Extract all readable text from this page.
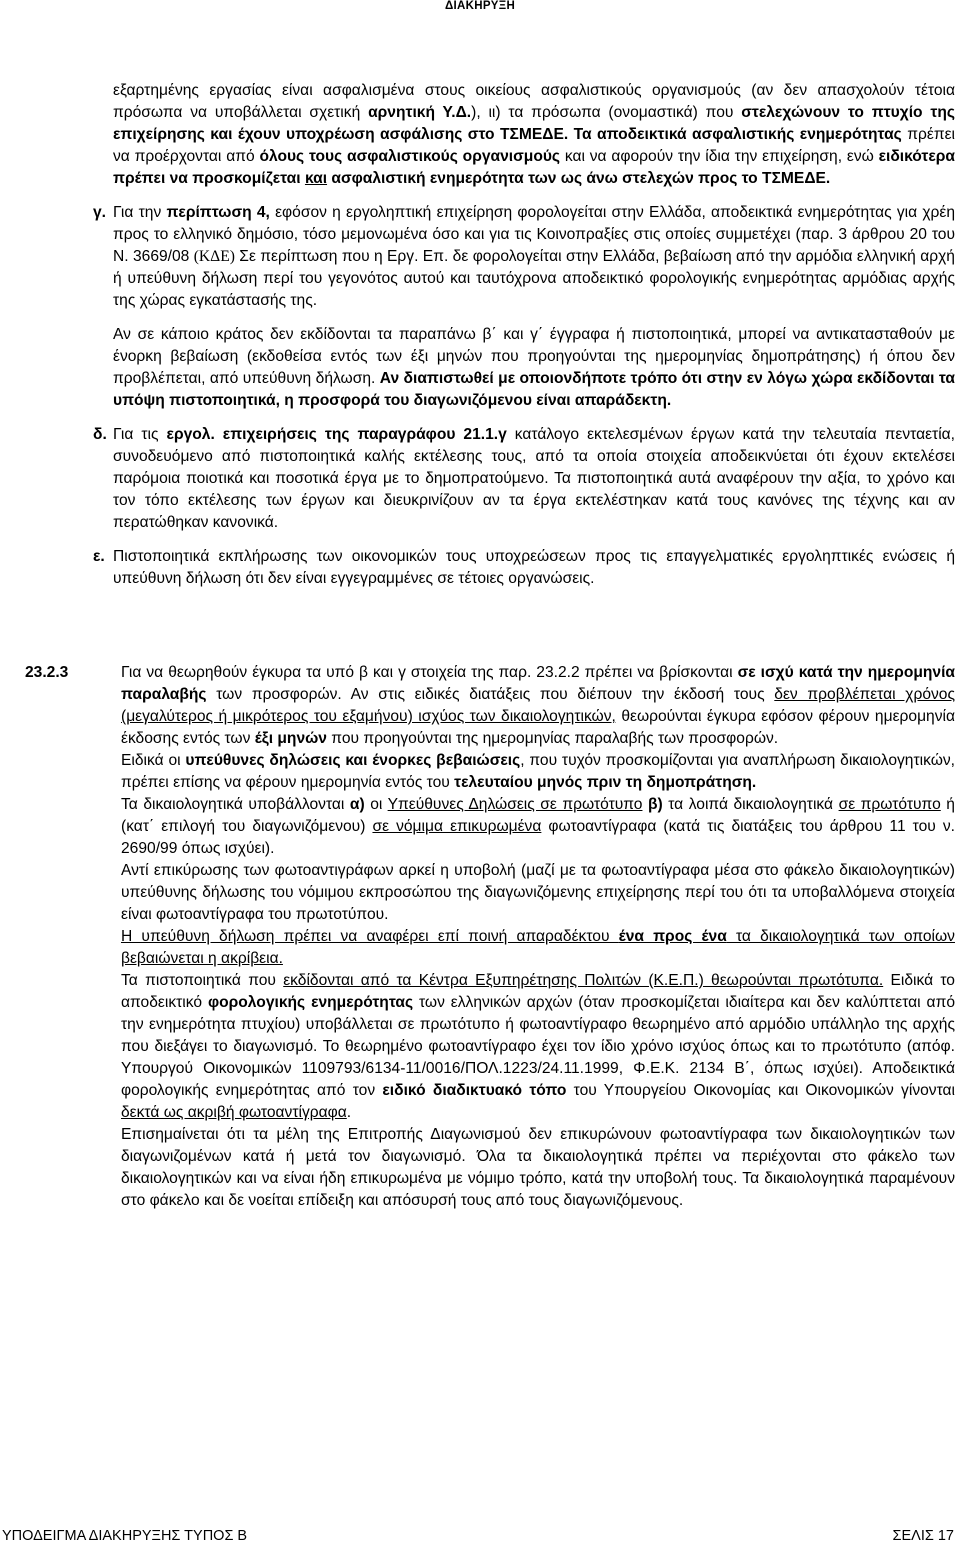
ΔΙΑΚΗΡΥΞΗ

εξαρτημένης εργασίας είναι ασφαλισμένα στους οικείους ασφαλιστικούς οργανισμούς (αν δεν απασχολούν τέτοια πρόσωπα να υποβάλλεται σχετική αρνητική Υ.Δ.), ιι) τα πρόσωπα (ονομαστικά) που στελεχώνουν το πτυχίο της επιχείρησης και έχουν υποχρέωση ασφάλισης στο ΤΣΜΕΔΕ. Τα αποδεικτικά ασφαλιστικής ενημερότητας πρέπει να προέρχονται από όλους τους ασφαλιστικούς οργανισμούς και να αφορούν την ίδια την επιχείρηση, ενώ ειδικότερα πρέπει να προσκομίζεται και ασφαλιστική ενημερότητα των ως άνω στελεχών προς το ΤΣΜΕΔΕ.

γ. Για την περίπτωση 4, εφόσον η εργοληπτική επιχείρηση φορολογείται στην Ελλάδα, αποδεικτικά ενημερότητας για χρέη προς το ελληνικό δημόσιο, τόσο μεμονωμένα όσο και για τις Κοινοπραξίες στις οποίες συμμετέχει (παρ. 3 άρθρου 20 του Ν. 3669/08 (ΚΔΕ) Σε περίπτωση που η Εργ. Επ. δε φορολογείται στην Ελλάδα, βεβαίωση από την αρμόδια ελληνική αρχή ή υπεύθυνη δήλωση περί του γεγονότος αυτού και ταυτόχρονα αποδεικτικό φορολογικής ενημερότητας αρμόδιας αρχής της χώρας εγκατάστασής της.
Αν σε κάποιο κράτος δεν εκδίδονται τα παραπάνω β΄ και γ΄ έγγραφα ή πιστοποιητικά, μπορεί να αντικατασταθούν με ένορκη βεβαίωση (εκδοθείσα εντός των έξι μηνών που προηγούνται της ημερομηνίας δημοπράτησης) ή όπου δεν προβλέπεται, από υπεύθυνη δήλωση. Αν διαπιστωθεί με οποιονδήποτε τρόπο ότι στην εν λόγω χώρα εκδίδονται τα υπόψη πιστοποιητικά, η προσφορά του διαγωνιζόμενου είναι απαράδεκτη.
δ. Για τις εργολ. επιχειρήσεις της παραγράφου 21.1.γ κατάλογο εκτελεσμένων έργων κατά την τελευταία πενταετία, συνοδευόμενο από πιστοποιητικά καλής εκτέλεσης τους, από τα οποία στοιχεία αποδεικνύεται ότι έχουν εκτελέσει παρόμοια ποιοτικά και ποσοτικά έργα με το δημοπρατούμενο. Τα πιστοποιητικά αυτά αναφέρουν την αξία, το χρόνο και τον τόπο εκτέλεσης των έργων και διευκρινίζουν αν τα έργα εκτελέστηκαν κατά τους κανόνες της τέχνης και αν περατώθηκαν κανονικά.
ε. Πιστοποιητικά εκπλήρωσης των οικονομικών τους υποχρεώσεων προς τις επαγγελματικές εργοληπτικές ενώσεις ή υπεύθυνη δήλωση ότι δεν είναι εγγεγραμμένες σε τέτοιες οργανώσεις.
23.2.3	Για να θεωρηθούν έγκυρα τα υπό β και γ στοιχεία της παρ. 23.2.2 πρέπει να βρίσκονται σε ισχύ κατά την ημερομηνία παραλαβής των προσφορών. Αν στις ειδικές διατάξεις που διέπουν την έκδοσή τους δεν προβλέπεται χρόνος (μεγαλύτερος ή μικρότερος του εξαμήνου) ισχύος των δικαιολογητικών, θεωρούνται έγκυρα εφόσον φέρουν ημερομηνία έκδοσης εντός των έξι μηνών που προηγούνται της ημερομηνίας παραλαβής των προσφορών.
Ειδικά οι υπεύθυνες δηλώσεις και ένορκες βεβαιώσεις, που τυχόν προσκομίζονται για αναπλήρωση δικαιολογητικών, πρέπει επίσης να φέρουν ημερομηνία εντός του τελευταίου μηνός πριν τη δημοπράτηση.
Τα δικαιολογητικά υποβάλλονται α) οι Υπεύθυνες Δηλώσεις σε πρωτότυπο β) τα λοιπά δικαιολογητικά σε πρωτότυπο ή (κατ΄ επιλογή του διαγωνιζόμενου) σε νόμιμα επικυρωμένα φωτοαντίγραφα (κατά τις διατάξεις του άρθρου 11 του ν. 2690/99 όπως ισχύει).
Αντί επικύρωσης των φωτοαντιγράφων αρκεί η υποβολή (μαζί με τα φωτοαντίγραφα μέσα στο φάκελο δικαιολογητικών) υπεύθυνης δήλωσης του νόμιμου εκπροσώπου της διαγωνιζόμενης επιχείρησης περί του ότι τα υποβαλλόμενα στοιχεία είναι φωτοαντίγραφα του πρωτοτύπου.
Η υπεύθυνη δήλωση πρέπει να αναφέρει επί ποινή απαραδέκτου ένα προς ένα τα δικαιολογητικά των οποίων βεβαιώνεται η ακρίβεια.
Τα πιστοποιητικά που εκδίδονται από τα Κέντρα Εξυπηρέτησης Πολιτών (Κ.Ε.Π.) θεωρούνται πρωτότυπα. Ειδικά το αποδεικτικό φορολογικής ενημερότητας των ελληνικών αρχών (όταν προσκομίζεται ιδιαίτερα και δεν καλύπτεται από την ενημερότητα πτυχίου) υποβάλλεται σε πρωτότυπο ή φωτοαντίγραφο θεωρημένο από αρμόδιο υπάλληλο της αρχής που διεξάγει το διαγωνισμό. Το θεωρημένο φωτοαντίγραφο έχει τον ίδιο χρόνο ισχύος όπως και το πρωτότυπο (απόφ. Υπουργού Οικονομικών 1109793/6134-11/0016/ΠΟΛ.1223/24.11.1999, Φ.Ε.Κ. 2134 Β΄, όπως ισχύει). Αποδεικτικά φορολογικής ενημερότητας από τον ειδικό διαδικτυακό τόπο του Υπουργείου Οικονομίας και Οικονομικών γίνονται δεκτά ως ακριβή φωτοαντίγραφα.
Επισημαίνεται ότι τα μέλη της Επιτροπής Διαγωνισμού δεν επικυρώνουν φωτοαντίγραφα των δικαιολογητικών των διαγωνιζομένων κατά ή μετά τον διαγωνισμό. Όλα τα δικαιολογητικά πρέπει να περιέχονται στο φάκελο των δικαιολογητικών και να είναι ήδη επικυρωμένα με νόμιμο τρόπο, κατά την υποβολή τους. Τα δικαιολογητικά παραμένουν στο φάκελο και δε νοείται επίδειξη και απόσυρσή τους από τους διαγωνιζόμενους.
ΥΠΟΔΕΙΓΜΑ ΔΙΑΚΗΡΥΞΗΣ ΤΥΠΟΣ Β	ΣΕΛΙΣ 17
